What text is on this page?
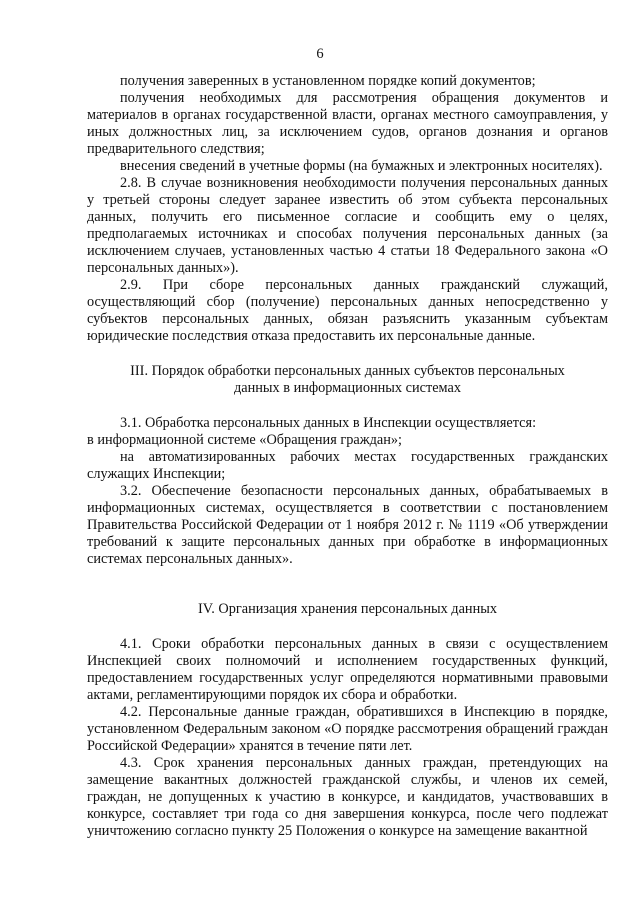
6

получения заверенных в установленном порядке копий документов;

получения необходимых для рассмотрения обращения документов и материалов в органах государственной власти, органах местного самоуправления, у иных должностных лиц, за исключением судов, органов дознания и органов предварительного следствия;

внесения сведений в учетные формы (на бумажных и электронных носителях).

2.8. В случае возникновения необходимости получения персональных данных у третьей стороны следует заранее известить об этом субъекта персональных данных, получить его письменное согласие и сообщить ему о целях, предполагаемых источниках и способах получения персональных данных (за исключением случаев, установленных частью 4 статьи 18 Федерального закона «О персональных данных»).

2.9. При сборе персональных данных гражданский служащий, осуществляющий сбор (получение) персональных данных непосредственно у субъектов персональных данных, обязан разъяснить указанным субъектам юридические последствия отказа предоставить их персональные данные.

III. Порядок обработки персональных данных субъектов персональных данных в информационных системах

3.1. Обработка персональных данных в Инспекции осуществляется:

в информационной системе «Обращения граждан»;

на автоматизированных рабочих местах государственных гражданских служащих Инспекции;

3.2. Обеспечение безопасности персональных данных, обрабатываемых в информационных системах, осуществляется в соответствии с постановлением Правительства Российской Федерации от 1 ноября 2012 г. № 1119 «Об утверждении требований к защите персональных данных при обработке в информационных системах персональных данных».

IV. Организация хранения персональных данных

4.1. Сроки обработки персональных данных в связи с осуществлением Инспекцией своих полномочий и исполнением государственных функций, предоставлением государственных услуг определяются нормативными правовыми актами, регламентирующими порядок их сбора и обработки.

4.2. Персональные данные граждан, обратившихся в Инспекцию в порядке, установленном Федеральным законом «О порядке рассмотрения обращений граждан Российской Федерации» хранятся в течение пяти лет.

4.3. Срок хранения персональных данных граждан, претендующих на замещение вакантных должностей гражданской службы, и членов их семей, граждан, не допущенных к участию в конкурсе, и кандидатов, участвовавших в конкурсе, составляет три года со дня завершения конкурса, после чего подлежат уничтожению согласно пункту 25 Положения о конкурсе на замещение вакантной
